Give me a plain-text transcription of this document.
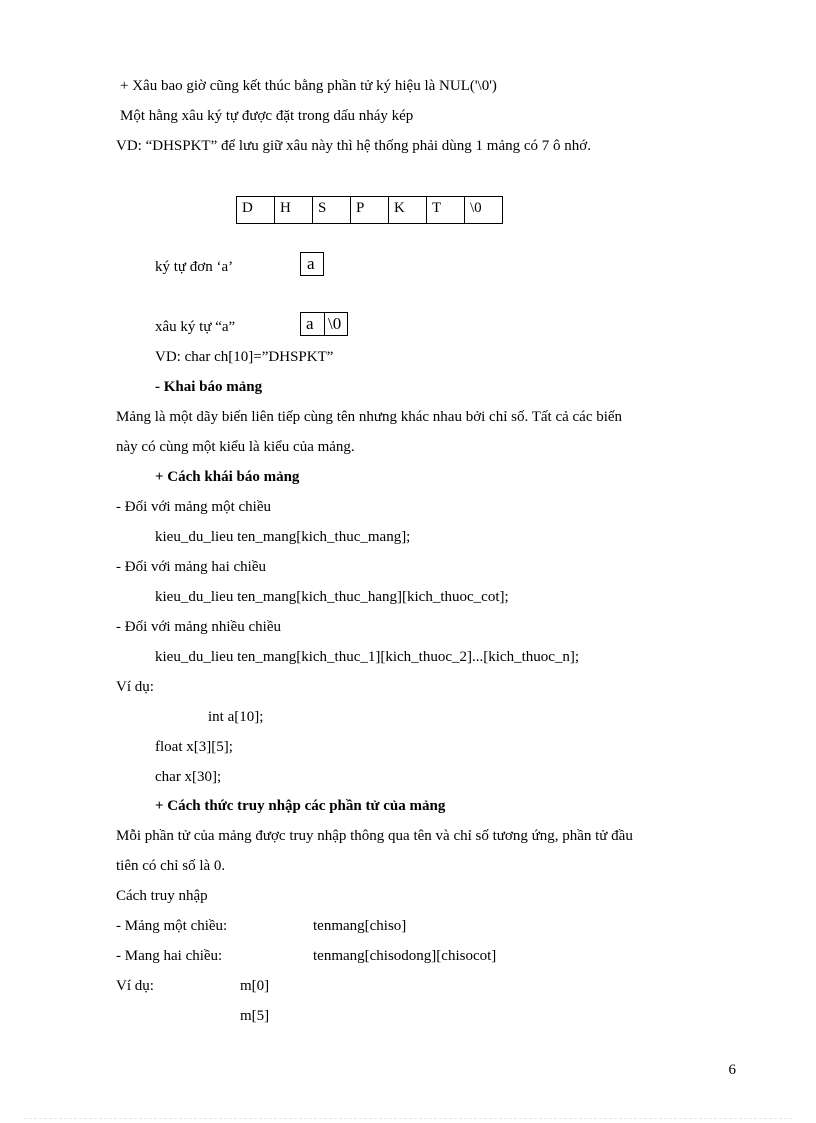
+ Xâu bao giờ cũng kết thúc bằng phần tử ký hiệu là NUL('\0')
Một hằng xâu ký tự được đặt trong dấu nháy kép
VD: “DHSPKT” để lưu giữ xâu này thì hệ thống phải dùng 1 mảng có 7 ô nhớ.
D	H	S	P	K	T	\0
ký tự đơn ‘a’	a
xâu ký tự “a”	a \0
VD: char ch[10]=”DHSPKT”
- Khai báo mảng
Mảng là một dãy biến liên tiếp cùng tên nhưng khác nhau bởi chỉ số. Tất cả các biến
này có cùng một kiểu là kiểu của mảng.
+ Cách khái báo mảng
- Đối với mảng một chiều
kieu_du_lieu ten_mang[kich_thuc_mang];
- Đối với mảng hai chiều
kieu_du_lieu ten_mang[kich_thuc_hang][kich_thuoc_cot];
- Đối với mảng nhiều chiều
kieu_du_lieu ten_mang[kich_thuc_1][kich_thuoc_2]...[kich_thuoc_n];
Ví dụ:
int a[10];
float x[3][5];
char x[30];
+ Cách thức truy nhập các phần tử của mảng
Mỗi phần tử của mảng được truy nhập thông qua tên và chỉ số tương ứng, phần tử đầu
tiên có chỉ số là 0.
Cách truy nhập
- Mảng một chiều:	tenmang[chiso]
- Mang hai chiều:	tenmang[chisodong][chisocot]
Ví dụ:	m[0]
m[5]
6
